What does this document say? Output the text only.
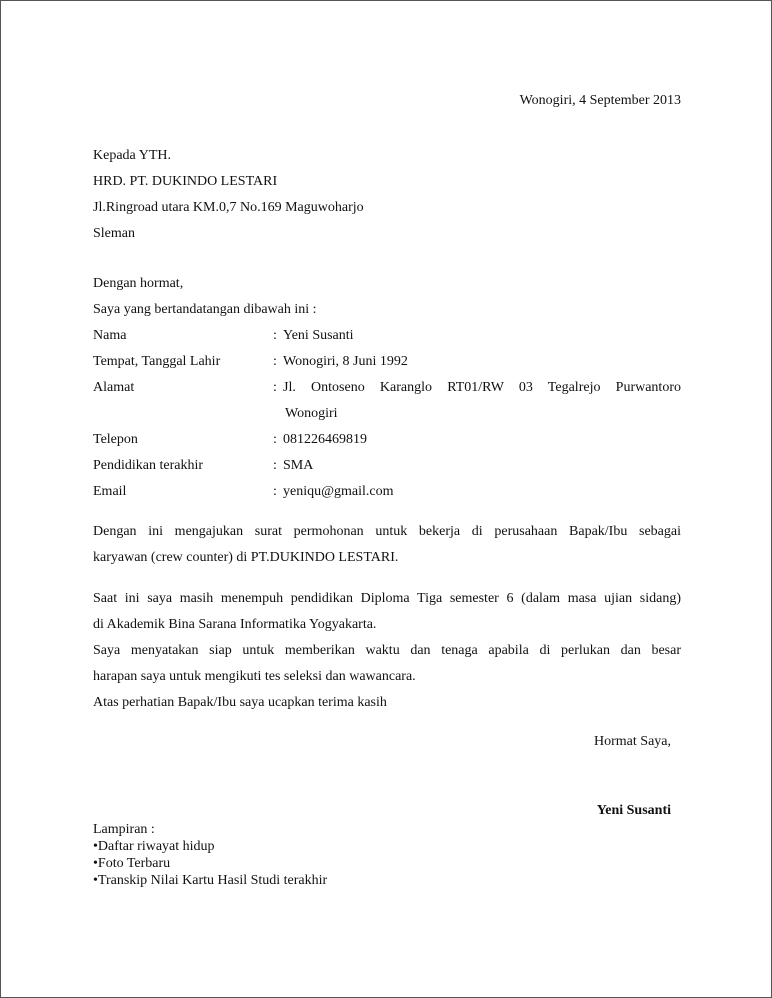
Wonogiri, 4 September 2013
Kepada YTH.
HRD. PT. DUKINDO LESTARI
Jl.Ringroad utara KM.0,7 No.169 Maguwoharjo
Sleman
Dengan hormat,
Saya yang bertandatangan dibawah ini :
Nama	: Yeni Susanti
Tempat, Tanggal Lahir	: Wonogiri, 8 Juni 1992
Alamat	: Jl. Ontoseno Karanglo RT01/RW 03 Tegalrejo Purwantoro
Wonogiri
Telepon	: 081226469819
Pendidikan terakhir	: SMA
Email	: yeniqu@gmail.com
Dengan ini mengajukan surat permohonan untuk bekerja di perusahaan Bapak/Ibu sebagai
karyawan (crew counter) di PT.DUKINDO LESTARI.
Saat ini saya masih menempuh pendidikan Diploma Tiga semester 6 (dalam masa ujian sidang)
di Akademik Bina Sarana Informatika Yogyakarta.
Saya menyatakan siap untuk memberikan waktu dan tenaga apabila di perlukan dan besar
harapan saya untuk mengikuti tes seleksi dan wawancara.
Atas perhatian Bapak/Ibu saya ucapkan terima kasih
Hormat Saya,
Yeni Susanti
Lampiran :
• Daftar riwayat hidup
• Foto Terbaru
• Transkip Nilai Kartu Hasil Studi terakhir
